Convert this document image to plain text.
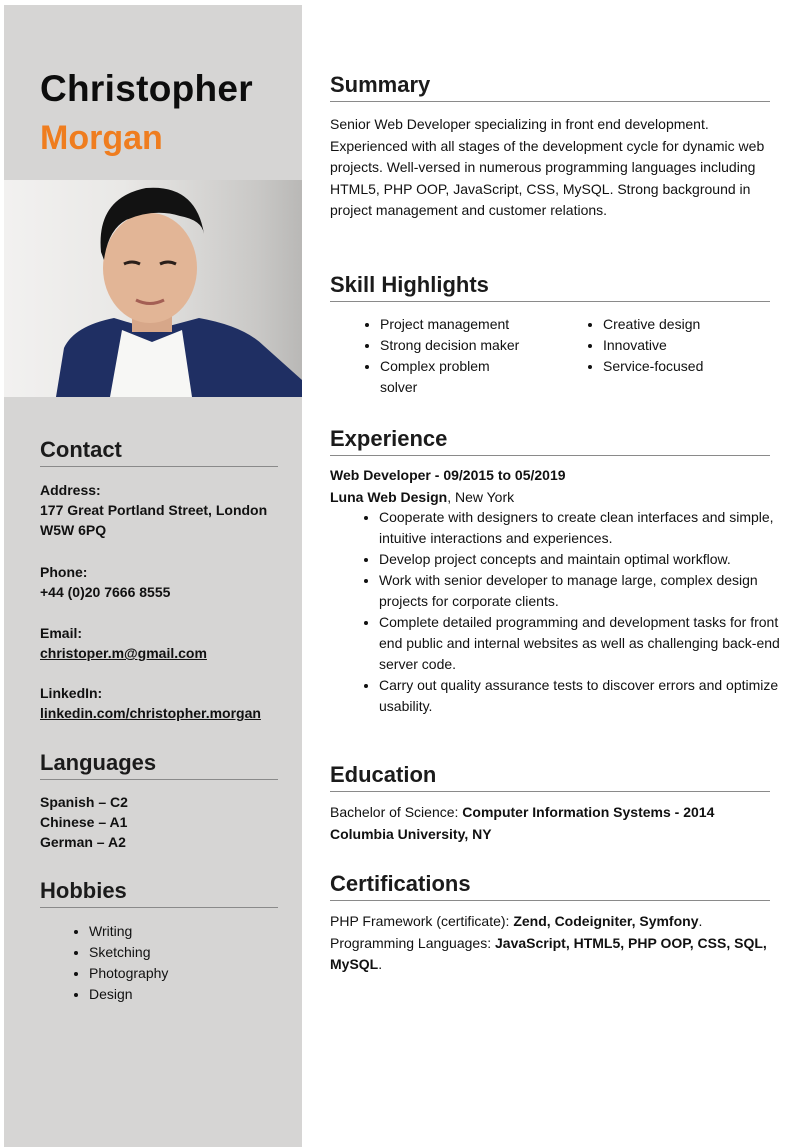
Christopher
Morgan
Contact
Address:
177 Great Portland Street, London
W5W 6PQ
Phone:
+44 (0)20 7666 8555
Email:
christoper.m@gmail.com
LinkedIn:
linkedin.com/christopher.morgan
Languages
Spanish – C2
Chinese – A1
German – A2
Hobbies
• Writing
• Sketching
• Photography
• Design
Summary

Senior Web Developer specializing in front end development. Experienced with all stages of the development cycle for dynamic web projects. Well-versed in numerous programming languages including HTML5, PHP OOP, JavaScript, CSS, MySQL. Strong background in project management and customer relations.

Skill Highlights
• Project management
• Strong decision maker
• Complex problem solver
• Creative design
• Innovative
• Service-focused
Experience
Web Developer - 09/2015 to 05/2019
Luna Web Design, New York
• Cooperate with designers to create clean interfaces and simple, intuitive interactions and experiences.
• Develop project concepts and maintain optimal workflow.
• Work with senior developer to manage large, complex design projects for corporate clients.
• Complete detailed programming and development tasks for front end public and internal websites as well as challenging back-end server code.
• Carry out quality assurance tests to discover errors and optimize usability.
Education
Bachelor of Science: Computer Information Systems - 2014
Columbia University, NY
Certifications
PHP Framework (certificate): Zend, Codeigniter, Symfony.
Programming Languages: JavaScript, HTML5, PHP OOP, CSS, SQL, MySQL.
